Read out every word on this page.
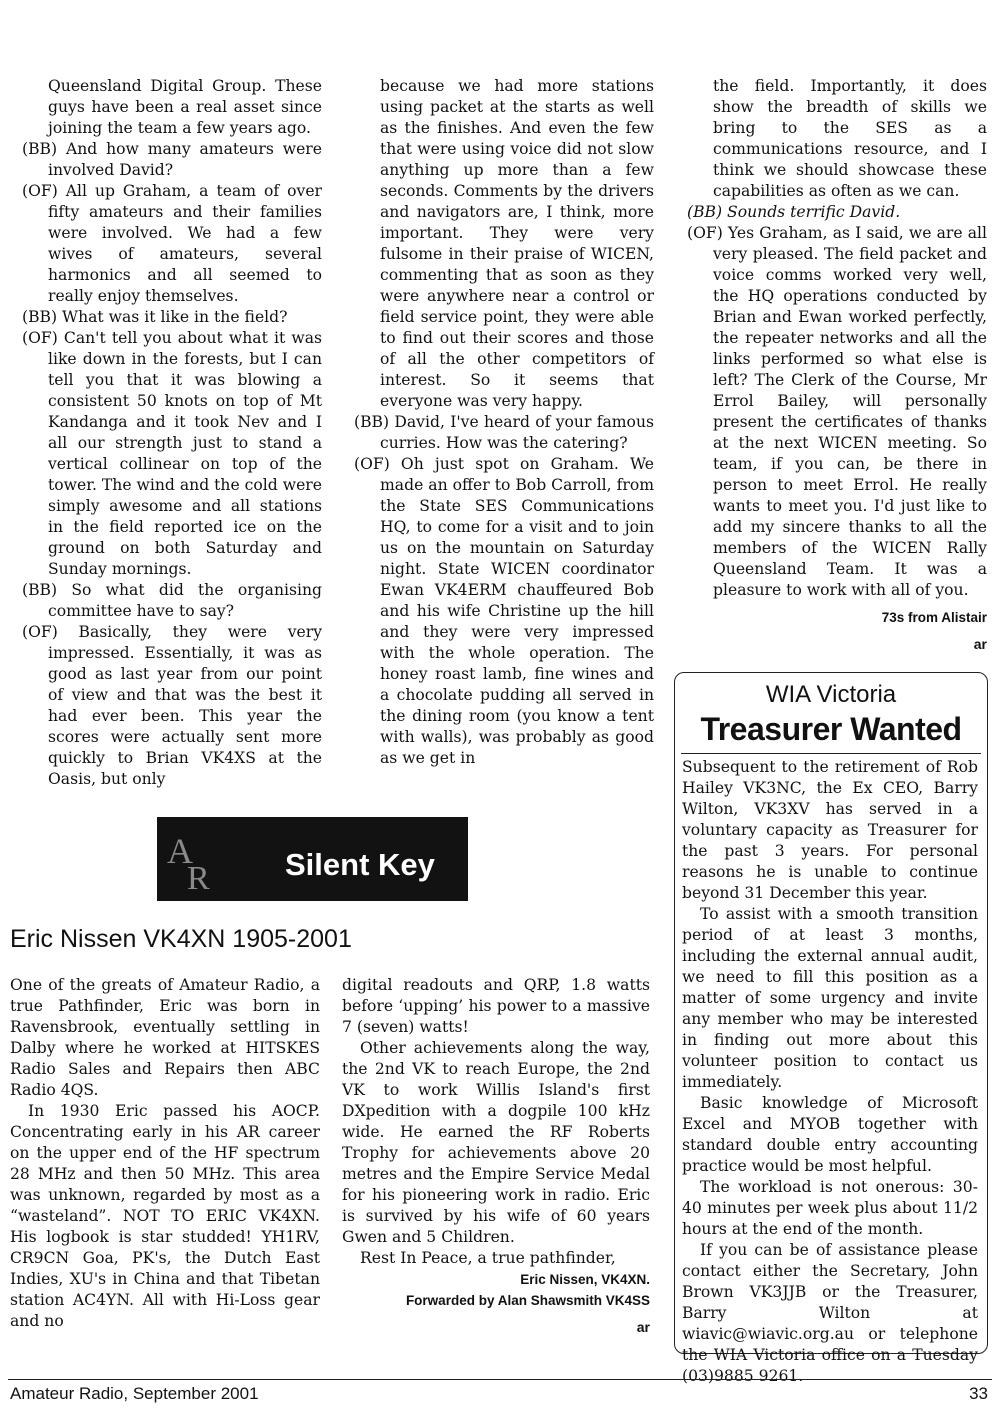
Queensland Digital Group. These guys have been a real asset since joining the team a few years ago.

(BB) And how many amateurs were involved David?

(OF) All up Graham, a team of over fifty amateurs and their families were involved. We had a few wives of amateurs, several harmonics and all seemed to really enjoy themselves.

(BB) What was it like in the field?

(OF) Can't tell you about what it was like down in the forests, but I can tell you that it was blowing a consistent 50 knots on top of Mt Kandanga and it took Nev and I all our strength just to stand a vertical collinear on top of the tower. The wind and the cold were simply awesome and all stations in the field reported ice on the ground on both Saturday and Sunday mornings.

(BB) So what did the organising committee have to say?

(OF) Basically, they were very impressed. Essentially, it was as good as last year from our point of view and that was the best it had ever been. This year the scores were actually sent more quickly to Brian VK4XS at the Oasis, but only

because we had more stations using packet at the starts as well as the finishes. And even the few that were using voice did not slow anything up more than a few seconds. Comments by the drivers and navigators are, I think, more important. They were very fulsome in their praise of WICEN, commenting that as soon as they were anywhere near a control or field service point, they were able to find out their scores and those of all the other competitors of interest. So it seems that everyone was very happy.

(BB) David, I've heard of your famous curries. How was the catering?

(OF) Oh just spot on Graham. We made an offer to Bob Carroll, from the State SES Communications HQ, to come for a visit and to join us on the mountain on Saturday night. State WICEN coordinator Ewan VK4ERM chauffeured Bob and his wife Christine up the hill and they were very impressed with the whole operation. The honey roast lamb, fine wines and a chocolate pudding all served in the dining room (you know a tent with walls), was probably as good as we get in

the field. Importantly, it does show the breadth of skills we bring to the SES as a communications resource, and I think we should showcase these capabilities as often as we can.

(BB) Sounds terrific David.

(OF) Yes Graham, as I said, we are all very pleased. The field packet and voice comms worked very well, the HQ operations conducted by Brian and Ewan worked perfectly, the repeater networks and all the links performed so what else is left? The Clerk of the Course, Mr Errol Bailey, will personally present the certificates of thanks at the next WICEN meeting. So team, if you can, be there in person to meet Errol. He really wants to meet you. I'd just like to add my sincere thanks to all the members of the WICEN Rally Queensland Team. It was a pleasure to work with all of you.

73s from Alistair
ar
WIA Victoria
Treasurer Wanted

Subsequent to the retirement of Rob Hailey VK3NC, the Ex CEO, Barry Wilton, VK3XV has served in a voluntary capacity as Treasurer for the past 3 years. For personal reasons he is unable to continue beyond 31 December this year.

To assist with a smooth transition period of at least 3 months, including the external annual audit, we need to fill this position as a matter of some urgency and invite any member who may be interested in finding out more about this volunteer position to contact us immediately.

Basic knowledge of Microsoft Excel and MYOB together with standard double entry accounting practice would be most helpful.

The workload is not onerous: 30-40 minutes per week plus about 11/2 hours at the end of the month.

If you can be of assistance please contact either the Secretary, John Brown VK3JJB or the Treasurer, Barry Wilton at wiavic@wiavic.org.au or telephone the WIA Victoria office on a Tuesday (03)9885 9261.

A
R Silent Key
Eric Nissen VK4XN 1905-2001

One of the greats of Amateur Radio, a true Pathfinder, Eric was born in Ravensbrook, eventually settling in Dalby where he worked at HITSKES Radio Sales and Repairs then ABC Radio 4QS.

In 1930 Eric passed his AOCP. Concentrating early in his AR career on the upper end of the HF spectrum 28 MHz and then 50 MHz. This area was unknown, regarded by most as a “wasteland”. NOT TO ERIC VK4XN. His logbook is star studded! YH1RV, CR9CN Goa, PK's, the Dutch East Indies, XU's in China and that Tibetan station AC4YN. All with Hi-Loss gear and no

digital readouts and QRP, 1.8 watts before ‘upping’ his power to a massive 7 (seven) watts!

Other achievements along the way, the 2nd VK to reach Europe, the 2nd VK to work Willis Island's first DXpedition with a dogpile 100 kHz wide. He earned the RF Roberts Trophy for achievements above 20 metres and the Empire Service Medal for his pioneering work in radio. Eric is survived by his wife of 60 years Gwen and 5 Children.

Rest In Peace, a true pathfinder,

Eric Nissen, VK4XN.
Forwarded by Alan Shawsmith VK4SS
ar
Amateur Radio, September 2001	33
